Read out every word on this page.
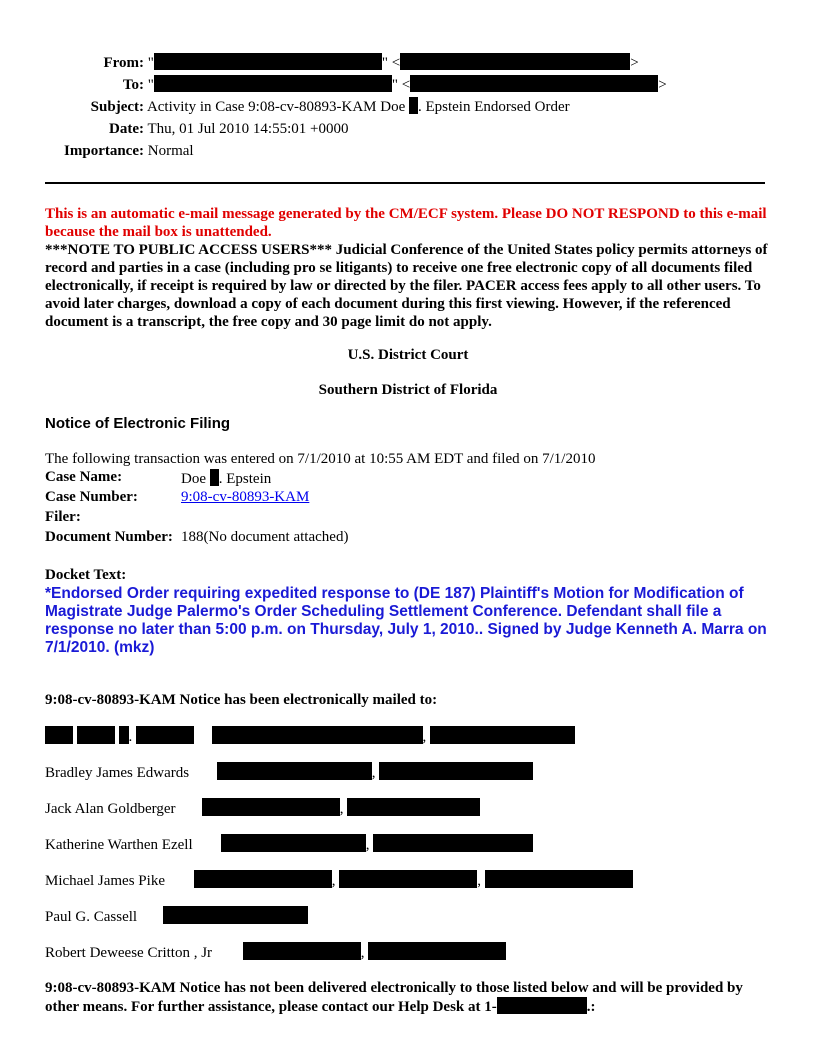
From: "	" <	>
To: "	" <	>
Subject: Activity in Case 9:08-cv-80893-KAM Doe . Epstein Endorsed Order
Date: Thu, 01 Jul 2010 14:55:01 +0000
Importance: Normal
This is an automatic e-mail message generated by the CM/ECF system. Please DO NOT RESPOND to this e-mail because the mail box is unattended.
***NOTE TO PUBLIC ACCESS USERS*** Judicial Conference of the United States policy permits attorneys of record and parties in a case (including pro se litigants) to receive one free electronic copy of all documents filed electronically, if receipt is required by law or directed by the filer. PACER access fees apply to all other users. To avoid later charges, download a copy of each document during this first viewing. However, if the referenced document is a transcript, the free copy and 30 page limit do not apply.
U.S. District Court
Southern District of Florida
Notice of Electronic Filing
The following transaction was entered on 7/1/2010 at 10:55 AM EDT and filed on 7/1/2010
Case Name:	Doe . Epstein
Case Number:	9:08-cv-80893-KAM
Filer:	
Document Number:	188(No document attached)
Docket Text:
*Endorsed Order requiring expedited response to (DE 187) Plaintiff's Motion for Modification of Magistrate Judge Palermo's Order Scheduling Settlement Conference. Defendant shall file a response no later than 5:00 p.m. on Thursday, July 1, 2010.. Signed by Judge Kenneth A. Marra on 7/1/2010. (mkz)
9:08-cv-80893-KAM Notice has been electronically mailed to:
.	,
Bradley James Edwards	,
Jack Alan Goldberger	,
Katherine Warthen Ezell	,
Michael James Pike	,	,
Paul G. Cassell
Robert Deweese Critton , Jr	,
9:08-cv-80893-KAM Notice has not been delivered electronically to those listed below and will be provided by other means. For further assistance, please contact our Help Desk at 1-	.:
